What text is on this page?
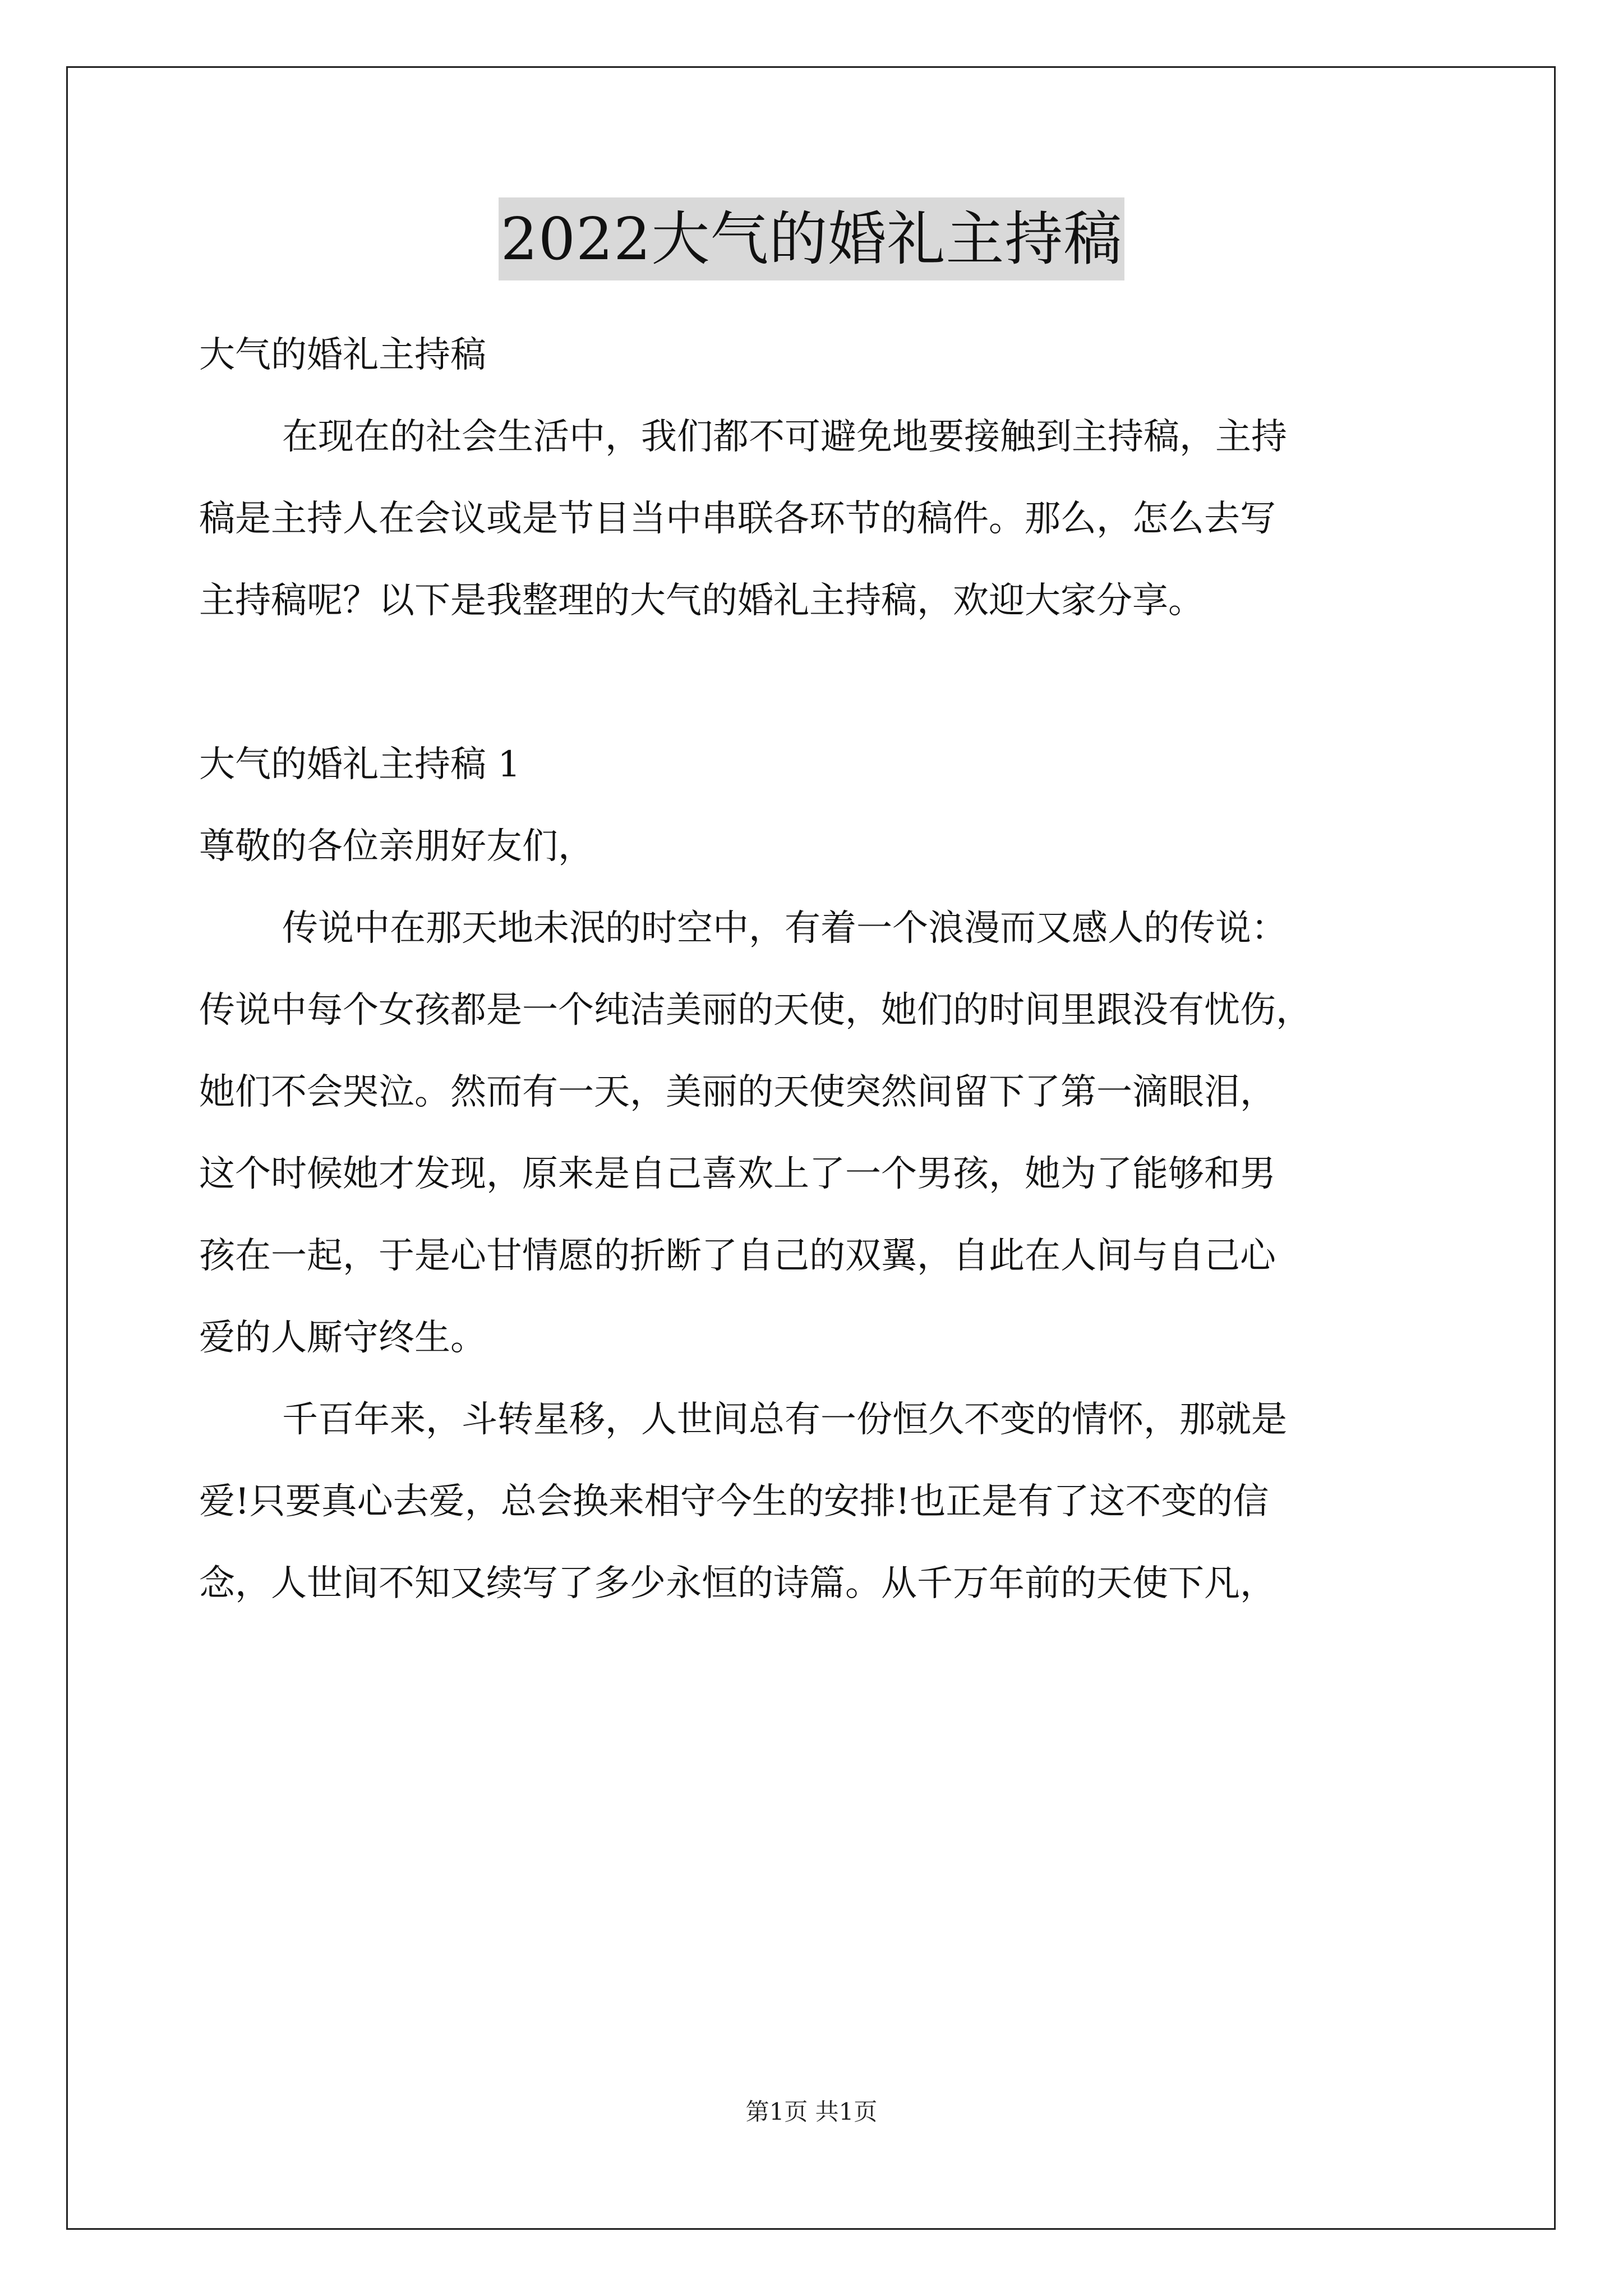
2022大气的婚礼主持稿

大气的婚礼主持稿

在现在的社会生活中，我们都不可避免地要接触到主持稿，主持

稿是主持人在会议或是节目当中串联各环节的稿件。那么，怎么去写

主持稿呢？以下是我整理的大气的婚礼主持稿，欢迎大家分享。

大气的婚礼主持稿 1

尊敬的各位亲朋好友们，

传说中在那天地未泯的时空中，有着一个浪漫而又感人的传说：

传说中每个女孩都是一个纯洁美丽的天使，她们的时间里跟没有忧伤，

她们不会哭泣。然而有一天，美丽的天使突然间留下了第一滴眼泪，

这个时候她才发现，原来是自己喜欢上了一个男孩，她为了能够和男

孩在一起，于是心甘情愿的折断了自己的双翼，自此在人间与自己心

爱的人厮守终生。

千百年来，斗转星移，人世间总有一份恒久不变的情怀，那就是

爱!只要真心去爱，总会换来相守今生的安排!也正是有了这不变的信

念，人世间不知又续写了多少永恒的诗篇。从千万年前的天使下凡，

第1页 共1页
